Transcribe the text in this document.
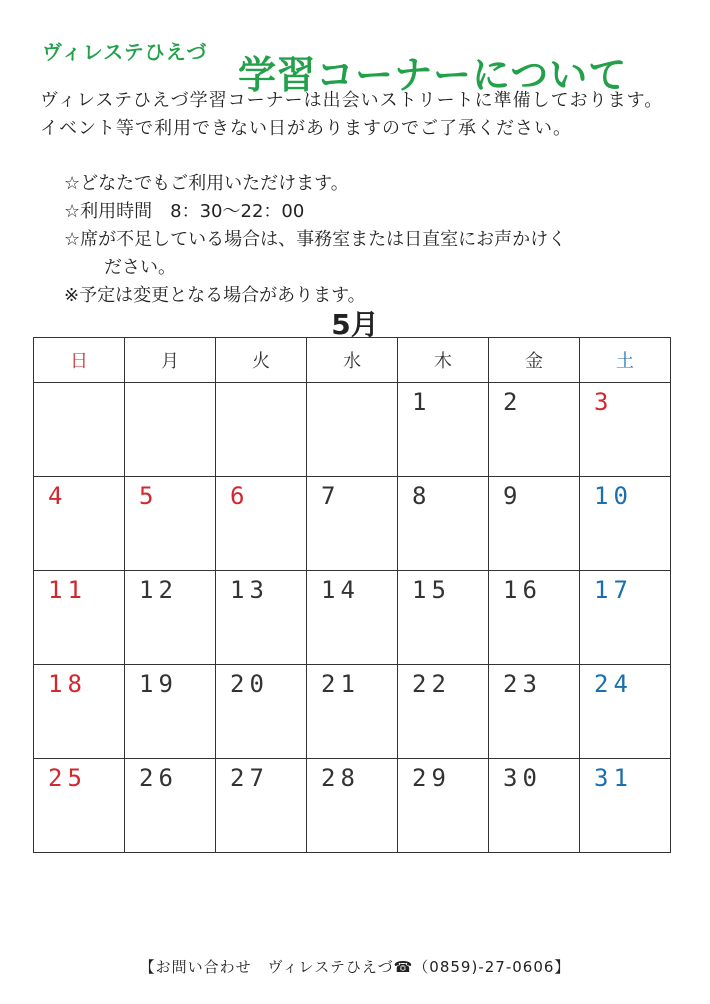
ヴィレステひえづ
学習コーナーについて
ヴィレステひえづ学習コーナーは出会いストリートに準備しております。イベント等で利用できない日がありますのでご了承ください。
☆どなたでもご利用いただけます。
☆利用時間　8：30～22：00
☆席が不足している場合は、事務室または日直室にお声かけく
ださい。
※予定は変更となる場合があります。
5月
日	月	火	水	木	金	土

				1	2	3

4	5	6	7	8	9	10

11	12	13	14	15	16	17

18	19	20	21	22	23	24

25	26	27	28	29	30	31
【お問い合わせ　ヴィレステひえづ☎（0859)-27-0606】
